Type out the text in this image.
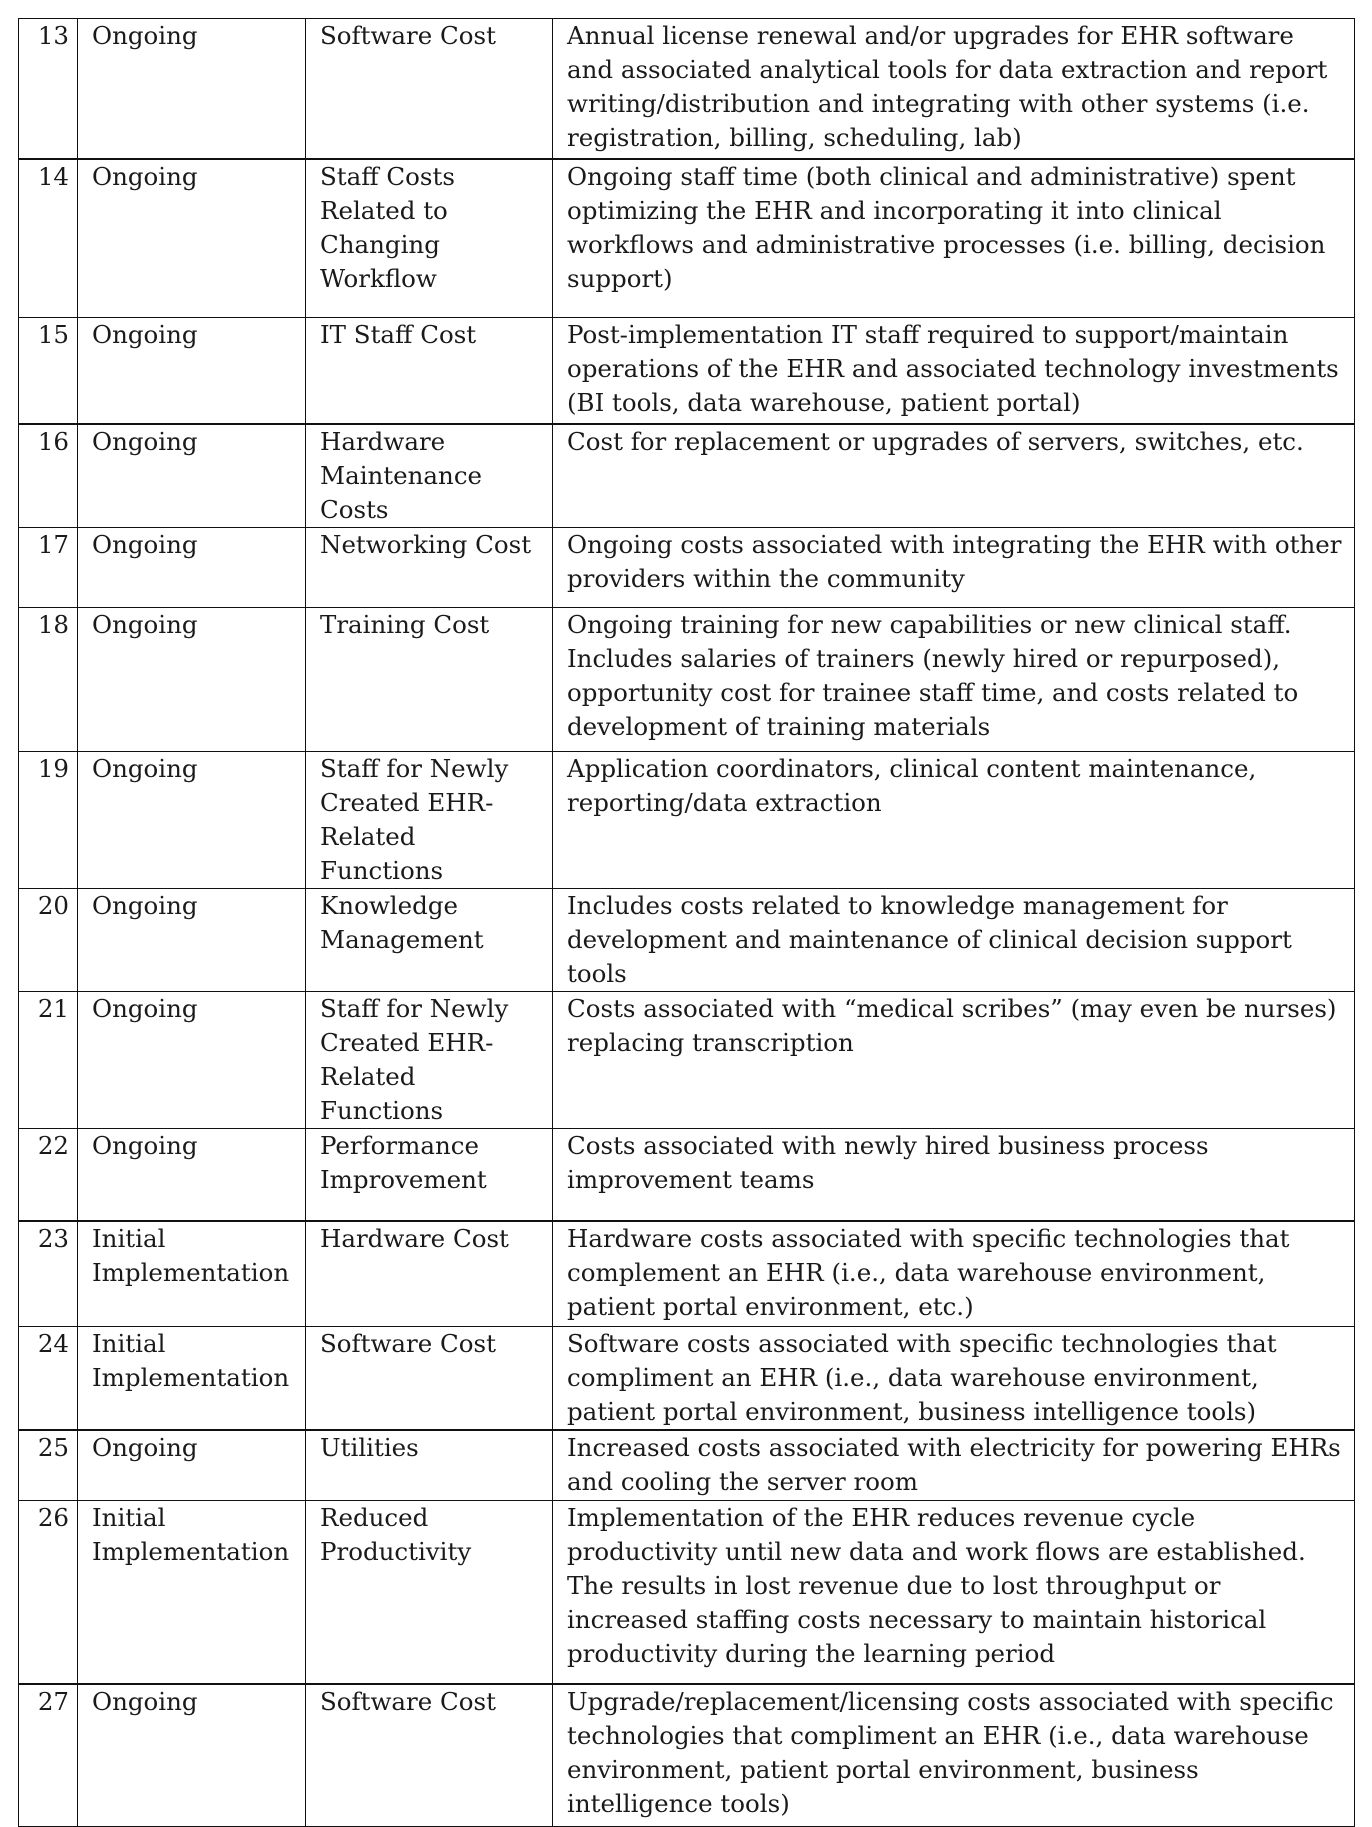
13	Ongoing	Software Cost	Annual license renewal and/or upgrades for EHR software and associated analytical tools for data extraction and report writing/distribution and integrating with other systems (i.e. registration, billing, scheduling, lab)
14	Ongoing	Staff Costs Related to Changing Workflow	Ongoing staff time (both clinical and administrative) spent optimizing the EHR and incorporating it into clinical workflows and administrative processes (i.e. billing, decision support)
15	Ongoing	IT Staff Cost	Post-implementation IT staff required to support/maintain operations of the EHR and associated technology investments (BI tools, data warehouse, patient portal)
16	Ongoing	Hardware Maintenance Costs	Cost for replacement or upgrades of servers, switches, etc.
17	Ongoing	Networking Cost	Ongoing costs associated with integrating the EHR with other providers within the community
18	Ongoing	Training Cost	Ongoing training for new capabilities or new clinical staff. Includes salaries of trainers (newly hired or repurposed), opportunity cost for trainee staff time, and costs related to development of training materials
19	Ongoing	Staff for Newly Created EHR-Related Functions	Application coordinators, clinical content maintenance, reporting/data extraction
20	Ongoing	Knowledge Management	Includes costs related to knowledge management for development and maintenance of clinical decision support tools
21	Ongoing	Staff for Newly Created EHR-Related Functions	Costs associated with “medical scribes” (may even be nurses) replacing transcription
22	Ongoing	Performance Improvement	Costs associated with newly hired business process improvement teams
23	Initial Implementation	Hardware Cost	Hardware costs associated with specific technologies that complement an EHR (i.e., data warehouse environment, patient portal environment, etc.)
24	Initial Implementation	Software Cost	Software costs associated with specific technologies that compliment an EHR (i.e., data warehouse environment, patient portal environment, business intelligence tools)
25	Ongoing	Utilities	Increased costs associated with electricity for powering EHRs and cooling the server room
26	Initial Implementation	Reduced Productivity	Implementation of the EHR reduces revenue cycle productivity until new data and work flows are established. The results in lost revenue due to lost throughput or increased staffing costs necessary to maintain historical productivity during the learning period
27	Ongoing	Software Cost	Upgrade/replacement/licensing costs associated with specific technologies that compliment an EHR (i.e., data warehouse environment, patient portal environment, business intelligence tools)
